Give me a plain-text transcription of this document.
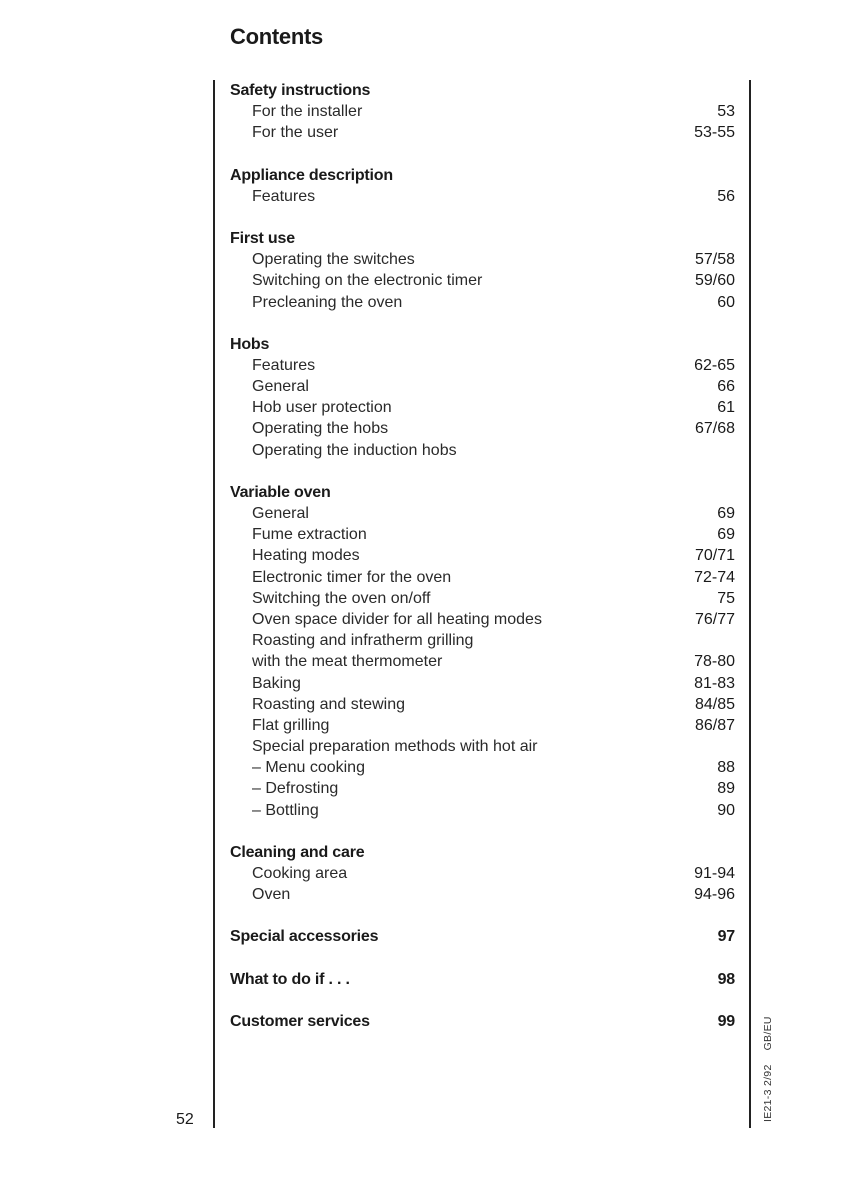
Contents
Safety instructions
For the installer	53
For the user	53-55
Appliance description
Features	56
First use
Operating the switches	57/58
Switching on the electronic timer	59/60
Precleaning the oven	60
Hobs
Features	62-65
General	66
Hob user protection	61
Operating the hobs	67/68
Operating the induction hobs
Variable oven
General	69
Fume extraction	69
Heating modes	70/71
Electronic timer for the oven	72-74
Switching the oven on/off	75
Oven space divider for all heating modes	76/77
Roasting and infratherm grilling
with the meat thermometer	78-80
Baking	81-83
Roasting and stewing	84/85
Flat grilling	86/87
Special preparation methods with hot air
– Menu cooking	88
– Defrosting	89
– Bottling	90
Cleaning and care
Cooking area	91-94
Oven	94-96
Special accessories	97
What to do if . . .	98
Customer services	99
52	IE21-3 2/92GB/EU
